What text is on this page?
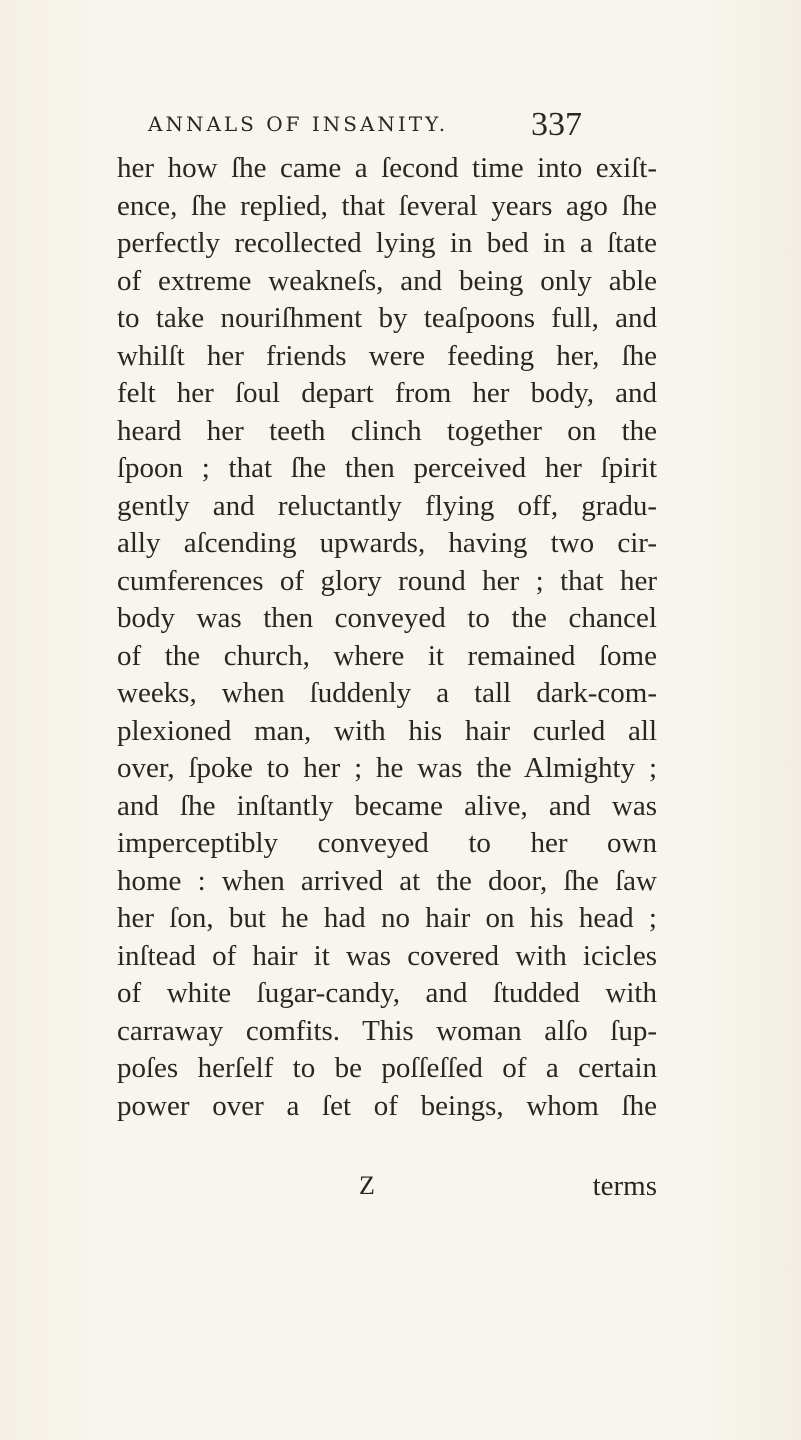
ANNALS OF INSANITY. 337
her how ſhe came a ſecond time into exiſt-
ence, ſhe replied, that ſeveral years ago ſhe
perfectly recollected lying in bed in a ſtate
of extreme weakneſs, and being only able
to take nouriſhment by teaſpoons full, and
whilſt her friends were feeding her, ſhe
felt her ſoul depart from her body, and
heard her teeth clinch together on the
ſpoon ; that ſhe then perceived her ſpirit
gently and reluctantly flying off, gradu-
ally aſcending upwards, having two cir-
cumferences of glory round her ; that her
body was then conveyed to the chancel
of the church, where it remained ſome
weeks, when ſuddenly a tall dark-com-
plexioned man, with his hair curled all
over, ſpoke to her ; he was the Almighty ;
and ſhe inſtantly became alive, and was
imperceptibly conveyed to her own
home : when arrived at the door, ſhe ſaw
her ſon, but he had no hair on his head ;
inſtead of hair it was covered with icicles
of white ſugar-candy, and ſtudded with
carraway comfits. This woman alſo ſup-
poſes herſelf to be poſſeſſed of a certain
power over a ſet of beings, whom ſhe
Z	terms
